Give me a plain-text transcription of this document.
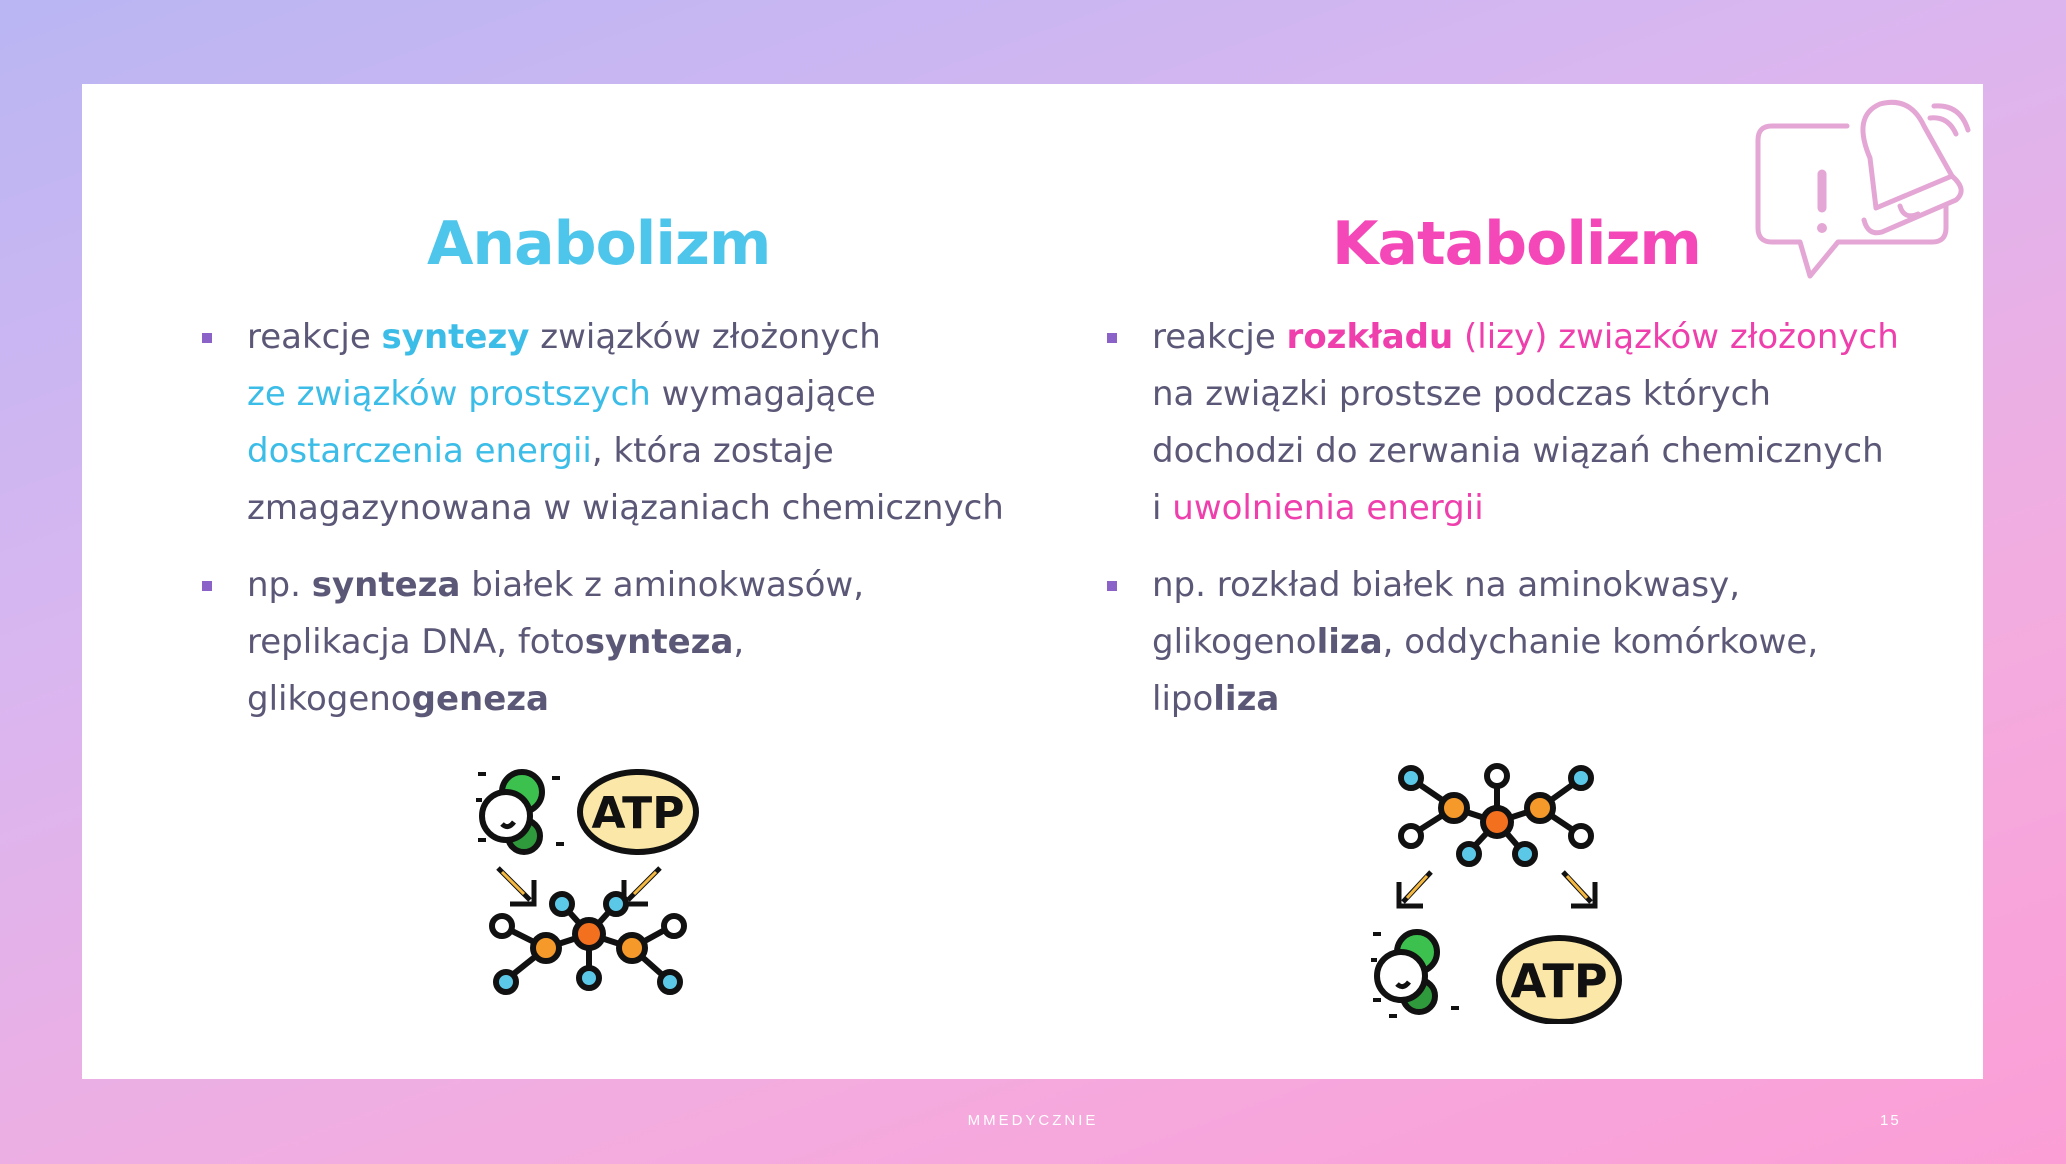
Anabolizm
reakcje syntezy związków złożonych
ze związków prostszych wymagające
dostarczenia energii, która zostaje
zmagazynowana w wiązaniach chemicznych
np. synteza białek z aminokwasów,
replikacja DNA, fotosynteza,
glikogenogeneza
ATP
Katabolizm
reakcje rozkładu (lizy) związków złożonych
na związki prostsze podczas których
dochodzi do zerwania wiązań chemicznych
i uwolnienia energii
np. rozkład białek na aminokwasy,
glikogenoliza, oddychanie komórkowe,
lipoliza
ATP
MMEDYCZNIE	15
